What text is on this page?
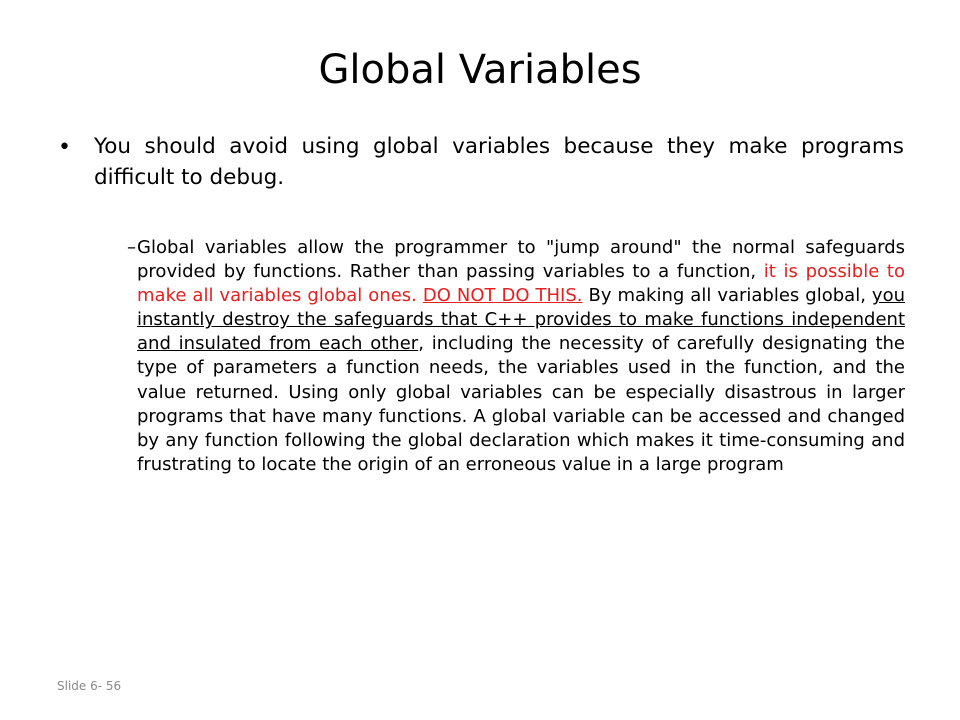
Global Variables
• You should avoid using global variables because they make programs difficult to debug.
– Global variables allow the programmer to "jump around" the normal safeguards provided by functions. Rather than passing variables to a function, it is possible to make all variables global ones. DO NOT DO THIS. By making all variables global, you instantly destroy the safeguards that C++ provides to make functions independent and insulated from each other, including the necessity of carefully designating the type of parameters a function needs, the variables used in the function, and the value returned. Using only global variables can be especially disastrous in larger programs that have many functions. A global variable can be accessed and changed by any function following the global declaration which makes it time-consuming and frustrating to locate the origin of an erroneous value in a large program
Slide 6- 56
